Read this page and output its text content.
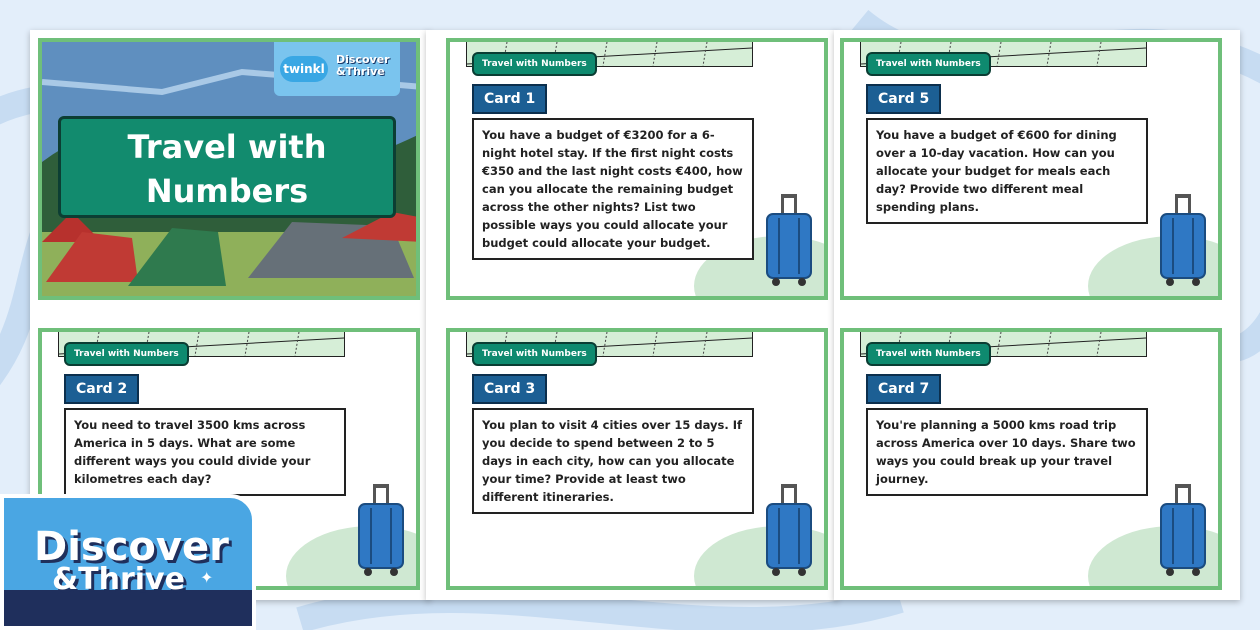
twinkl
Discover
&Thrive
Travel with Numbers
Travel with Numbers
Card 1
You have a budget of €3200 for a 6-night hotel stay. If the first night costs €350 and the last night costs €400, how can you allocate the remaining budget across the other nights? List two possible ways you could allocate your budget could allocate your budget.
Travel with Numbers
Card 5
You have a budget of €600 for dining over a 10-day vacation. How can you allocate your budget for meals each day? Provide two different meal spending plans.
Travel with Numbers
Card 2
You need to travel 3500 kms across America in 5 days. What are some different ways you could divide your kilometres each day?
Travel with Numbers
Card 3
You plan to visit 4 cities over 15 days. If you decide to spend between 2 to 5 days in each city, how can you allocate your time? Provide at least two different itineraries.
Travel with Numbers
Card 7
You're planning a 5000 kms road trip across America over 10 days. Share two ways you could break up your travel journey.
Discover
&Thrive ✦
